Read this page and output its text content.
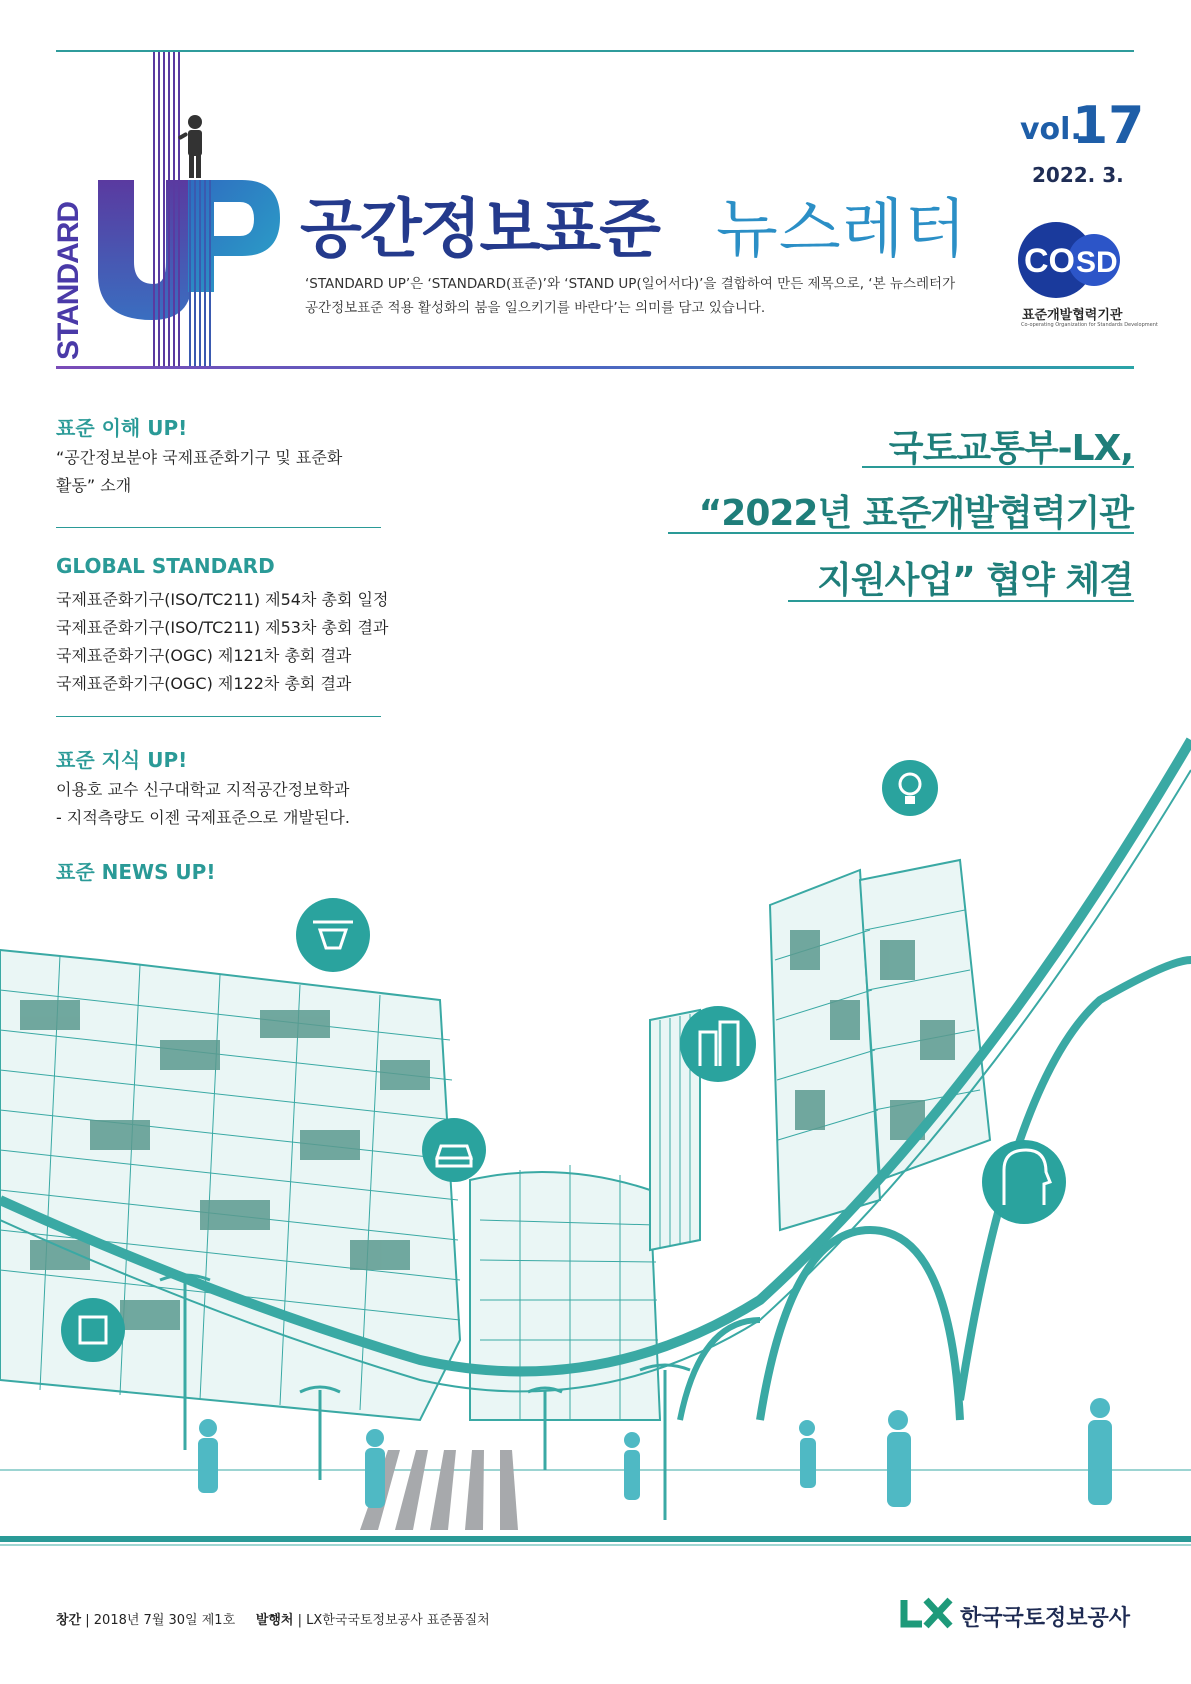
STANDARD	공간정보표준 뉴스레터
‘STANDARD UP’은 ‘STANDARD(표준)’와 ‘STAND UP(일어서다)’을 결합하여 만든 제목으로, ‘본 뉴스레터가
공간정보표준 적용 활성화의 붐을 일으키기를 바란다’는 의미를 담고 있습니다.
vol.
17
2022. 3.
CO SD
표준개발협력기관
Co-operating Organization for Standards Development
표준 이해 UP!
“공간정보분야 국제표준화기구 및 표준화
활동” 소개
GLOBAL STANDARD
국제표준화기구(ISO/TC211) 제54차 총회 일정
국제표준화기구(ISO/TC211) 제53차 총회 결과
국제표준화기구(OGC) 제121차 총회 결과
국제표준화기구(OGC) 제122차 총회 결과
표준 지식 UP!
이용호 교수 신구대학교 지적공간정보학과
- 지적측량도 이젠 국제표준으로 개발된다.
표준 NEWS UP!
국토교통부-LX,
“2022년 표준개발협력기관
지원사업” 협약 체결
창간 | 2018년 7월 30일 제1호 발행처 | LX한국국토정보공사 표준품질처
LX
한국국토정보공사
